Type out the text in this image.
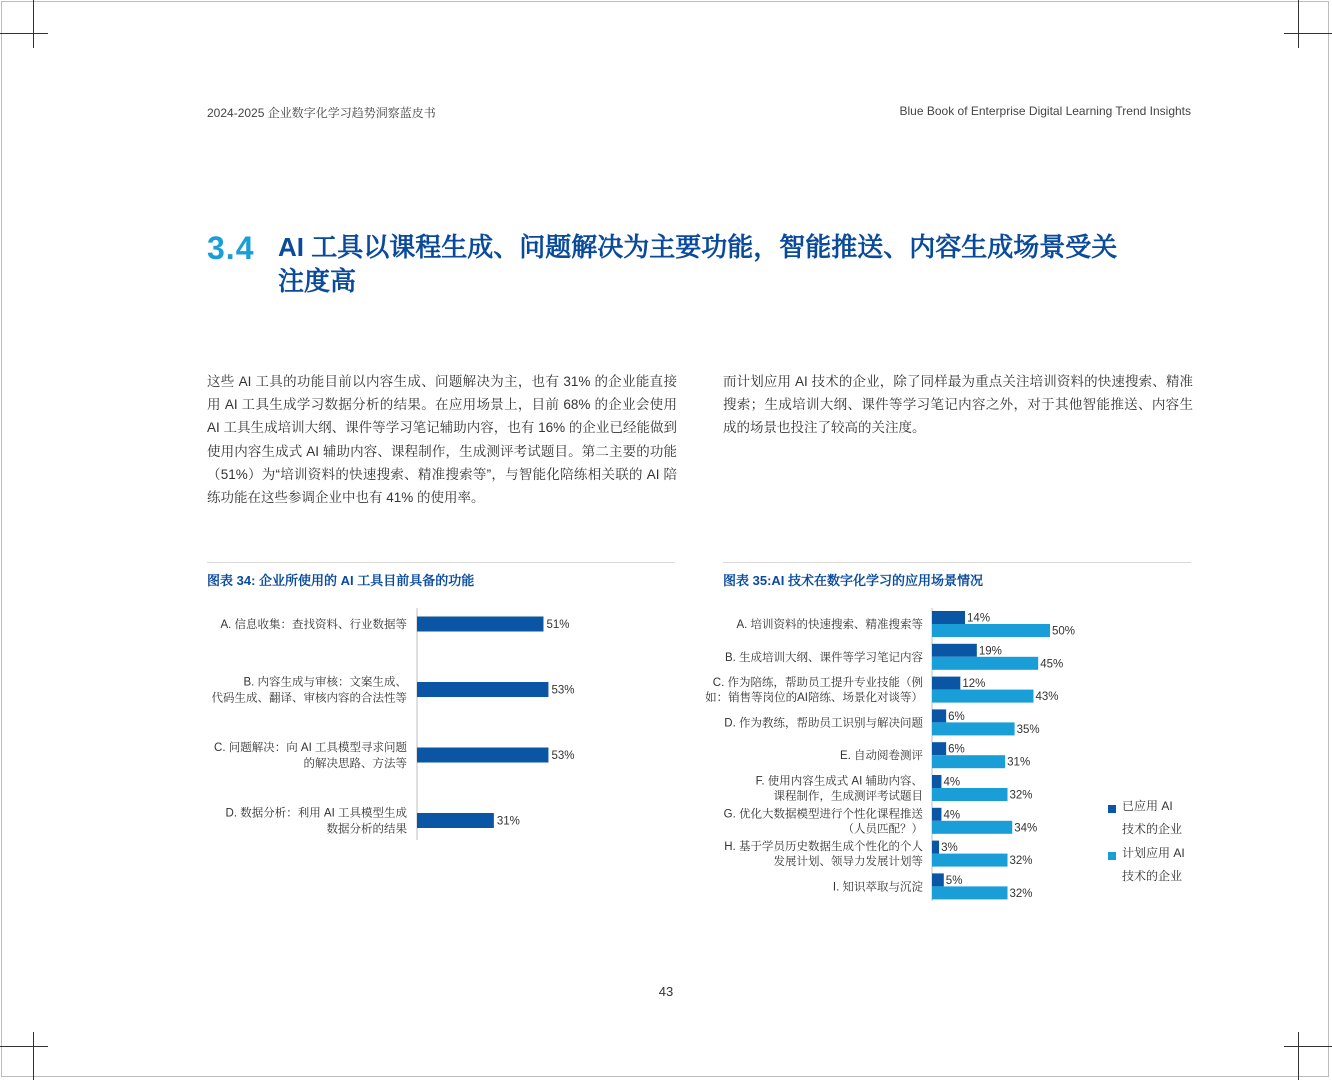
2024-2025 企业数字化学习趋势洞察蓝皮书	Blue Book of Enterprise Digital Learning Trend Insights
3.4 AI 工具以课程生成、问题解决为主要功能，智能推送、内容生成场景受关注度高
这些 AI 工具的功能目前以内容生成、问题解决为主，也有 31% 的企业能直接用 AI 工具生成学习数据分析的结果。在应用场景上，目前 68% 的企业会使用 AI 工具生成培训大纲、课件等学习笔记辅助内容，也有 16% 的企业已经能做到使用内容生成式 AI 辅助内容、课程制作，生成测评考试题目。第二主要的功能（51%）为“培训资料的快速搜索、精准搜索等”，与智能化陪练相关联的 AI 陪练功能在这些参调企业中也有 41% 的使用率。
而计划应用 AI 技术的企业，除了同样最为重点关注培训资料的快速搜索、精准搜索；生成培训大纲、课件等学习笔记内容之外，对于其他智能推送、内容生成的场景也投注了较高的关注度。
图表 34: 企业所使用的 AI 工具目前具备的功能	图表 35:AI 技术在数字化学习的应用场景情况
A. 信息收集：查找资料、行业数据等	51%
B. 内容生成与审核：文案生成、
代码生成、翻译、审核内容的合法性等
53%
C. 问题解决：向 AI 工具模型寻求问题
的解决思路、方法等
53%
D. 数据分析：利用 AI 工具模型生成
数据分析的结果
31%
A. 培训资料的快速搜索、精准搜索等
14%
50%
B. 生成培训大纲、课件等学习笔记内容
19%
45%
C. 作为陪练，帮助员工提升专业技能（例
如：销售等岗位的AI陪练、场景化对谈等）
12%
43%
D. 作为教练，帮助员工识别与解决问题
6%
35%
E. 自动阅卷测评
6%
31%
F. 使用内容生成式 AI 辅助内容、
课程制作，生成测评考试题目
4%
32%
G. 优化大数据模型进行个性化课程推送
（人员匹配？）
4%
34%
H. 基于学员历史数据生成个性化的个人
发展计划、领导力发展计划等
3%
32%
I. 知识萃取与沉淀
5%
32%
已应用 AI
技术的企业
计划应用 AI
技术的企业
43
